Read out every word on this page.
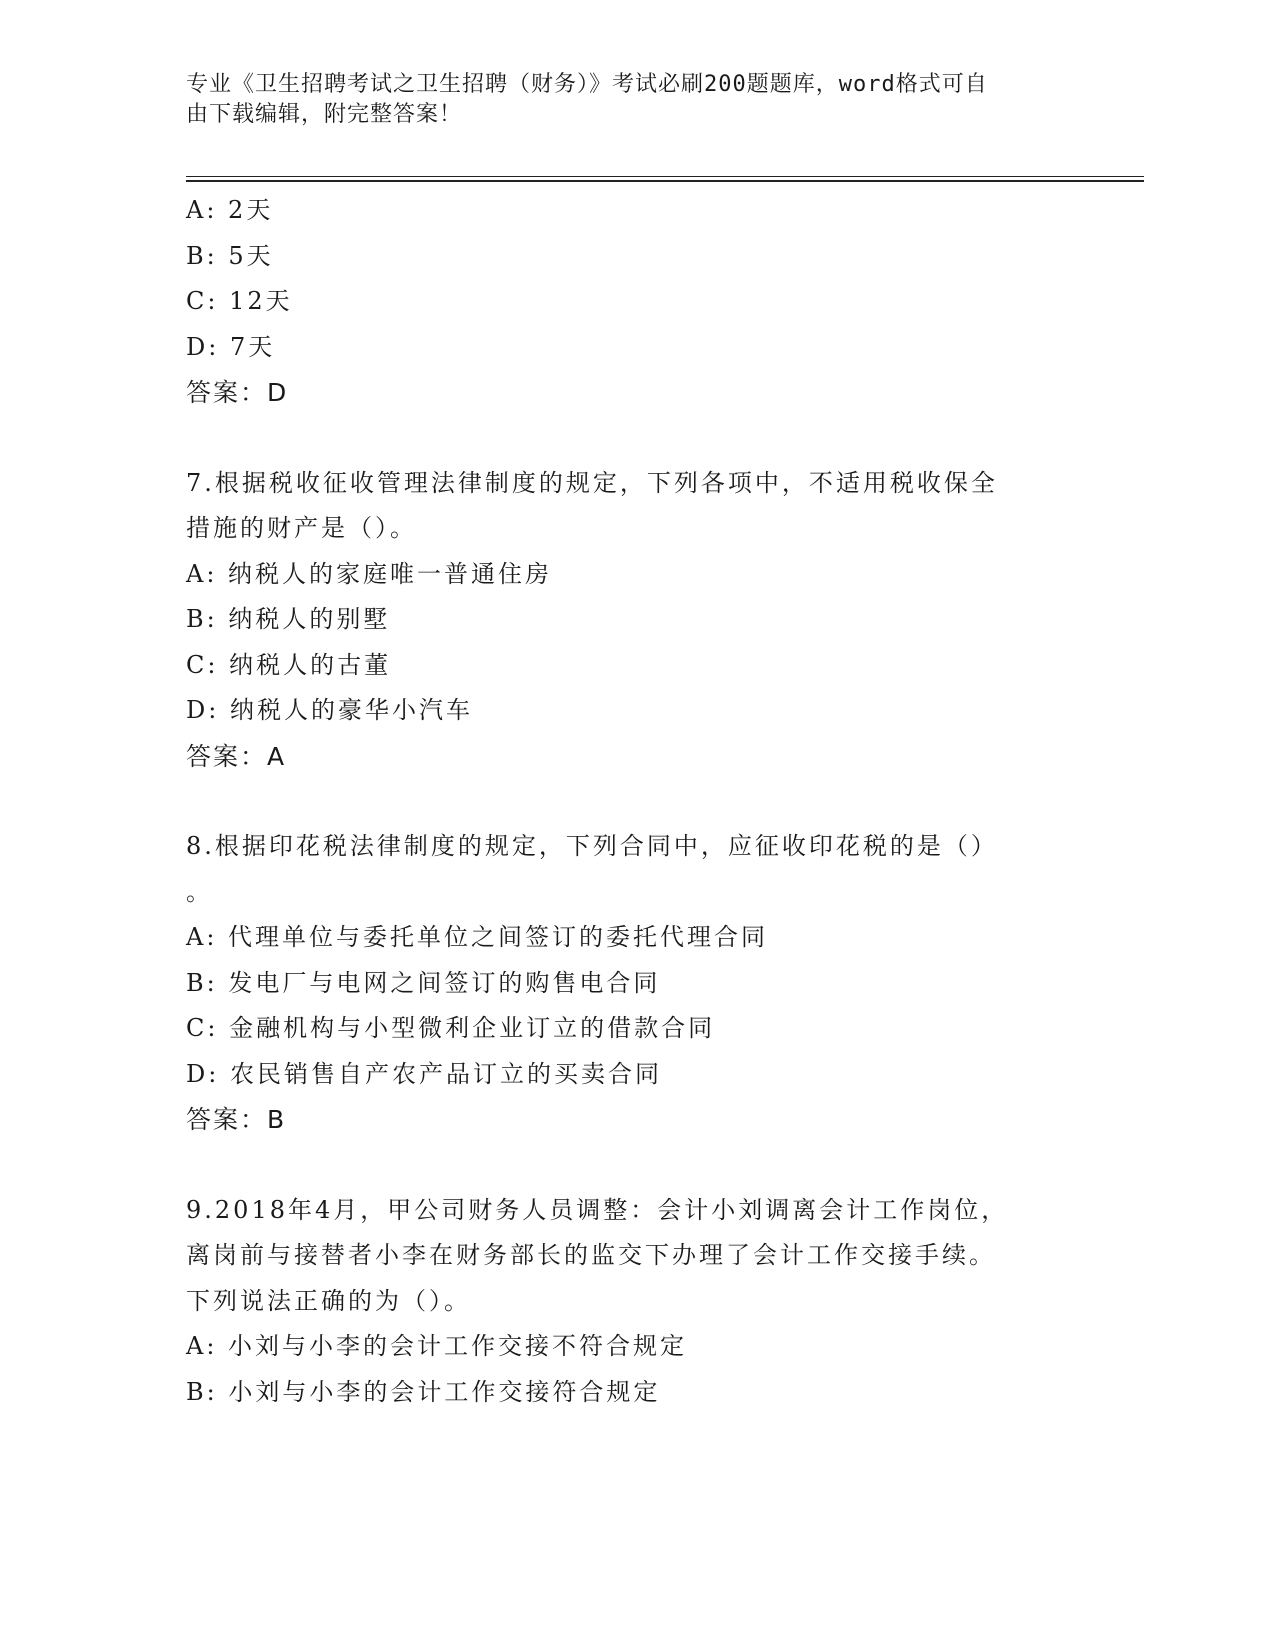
专业《卫生招聘考试之卫生招聘（财务）》考试必刷200题题库，word格式可自
由下载编辑，附完整答案！
A: 2天
B: 5天
C: 12天
D: 7天
答案：D
7.根据税收征收管理法律制度的规定，下列各项中，不适用税收保全
措施的财产是（）。
A: 纳税人的家庭唯一普通住房
B: 纳税人的别墅
C: 纳税人的古董
D: 纳税人的豪华小汽车
答案：A
8.根据印花税法律制度的规定，下列合同中，应征收印花税的是（）
。
A: 代理单位与委托单位之间签订的委托代理合同
B: 发电厂与电网之间签订的购售电合同
C: 金融机构与小型微利企业订立的借款合同
D: 农民销售自产农产品订立的买卖合同
答案：B
9.2018年4月，甲公司财务人员调整：会计小刘调离会计工作岗位，
离岗前与接替者小李在财务部长的监交下办理了会计工作交接手续。
下列说法正确的为（）。
A: 小刘与小李的会计工作交接不符合规定
B: 小刘与小李的会计工作交接符合规定
